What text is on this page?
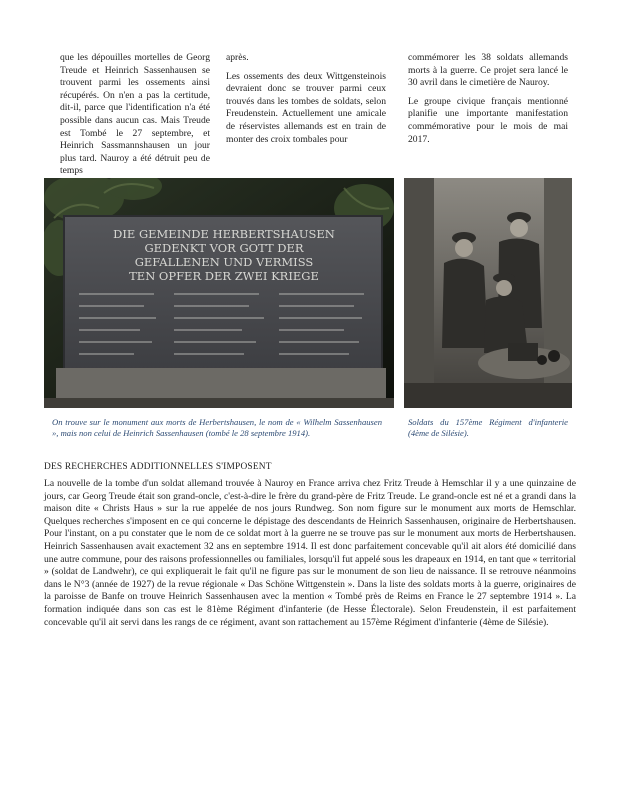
que les dépouilles mortelles de Georg Treude et Heinrich Sassenhausen se trouvent parmi les ossements ainsi récupérés. On n'en a pas la certitude, dit-il, parce que l'identification n'a été possible dans aucun cas. Mais Treude est Tombé le 27 septembre, et Heinrich Sassmannshausen un jour plus tard. Nauroy a été détruit peu de temps

après.

Les ossements des deux Wittgensteinois devraient donc se trouver parmi ceux trouvés dans les tombes de soldats, selon Freudenstein. Actuellement une amicale de réservistes allemands est en train de monter des croix tombales pour

commémorer les 38 soldats allemands morts à la guerre. Ce projet sera lancé le 30 avril dans le cimetière de Nauroy.

Le groupe civique français mentionné planifie une importante manifestation commémorative pour le mois de mai 2017.

DIE GEMEINDE HERBERTSHAUSEN
GEDENKT VOR GOTT DER
GEFALLENEN UND VERMISS
TEN OPFER DER ZWEI KRIEGE
On trouve sur le monument aux morts de Herbertshausen, le nom de « Wilhelm Sassenhausen », mais non celui de Heinrich Sassenhausen (tombé le 28 septembre 1914).
Soldats du 157ème Régiment d'infanterie (4ème de Silésie).
DES RECHERCHES ADDITIONNELLES S'IMPOSENT

La nouvelle de la tombe d'un soldat allemand trouvée à Nauroy en France arriva chez Fritz Treude à Hemschlar il y a une quinzaine de jours, car Georg Treude était son grand-oncle, c'est-à-dire le frère du grand-père de Fritz Treude. Le grand-oncle est né et a grandi dans la maison dite « Christs Haus » sur la rue appelée de nos jours Rundweg. Son nom figure sur le monument aux morts de Hemschlar. Quelques recherches s'imposent en ce qui concerne le dépistage des descendants de Heinrich Sassenhausen, originaire de Herbertshausen. Pour l'instant, on a pu constater que le nom de ce soldat mort à la guerre ne se trouve pas sur le monument aux morts de Herbertshausen. Heinrich Sassenhausen avait exactement 32 ans en septembre 1914. Il est donc parfaitement concevable qu'il ait alors été domicilié dans une autre commune, pour des raisons professionnelles ou familiales, lorsqu'il fut appelé sous les drapeaux en 1914, en tant que « territorial » (soldat de Landwehr), ce qui expliquerait le fait qu'il ne figure pas sur le monument de son lieu de naissance. Il se retrouve néanmoins dans le N°3 (année de 1927) de la revue régionale « Das Schöne Wittgenstein ». Dans la liste des soldats morts à la guerre, originaires de la paroisse de Banfe on trouve Heinrich Sassenhausen avec la mention « Tombé près de Reims en France le 27 septembre 1914 ». La formation indiquée dans son cas est le 81ème Régiment d'infanterie (de Hesse Électorale). Selon Freudenstein, il est parfaitement concevable qu'il ait servi dans les rangs de ce régiment, avant son rattachement au 157ème Régiment d'infanterie (4ème de Silésie).
